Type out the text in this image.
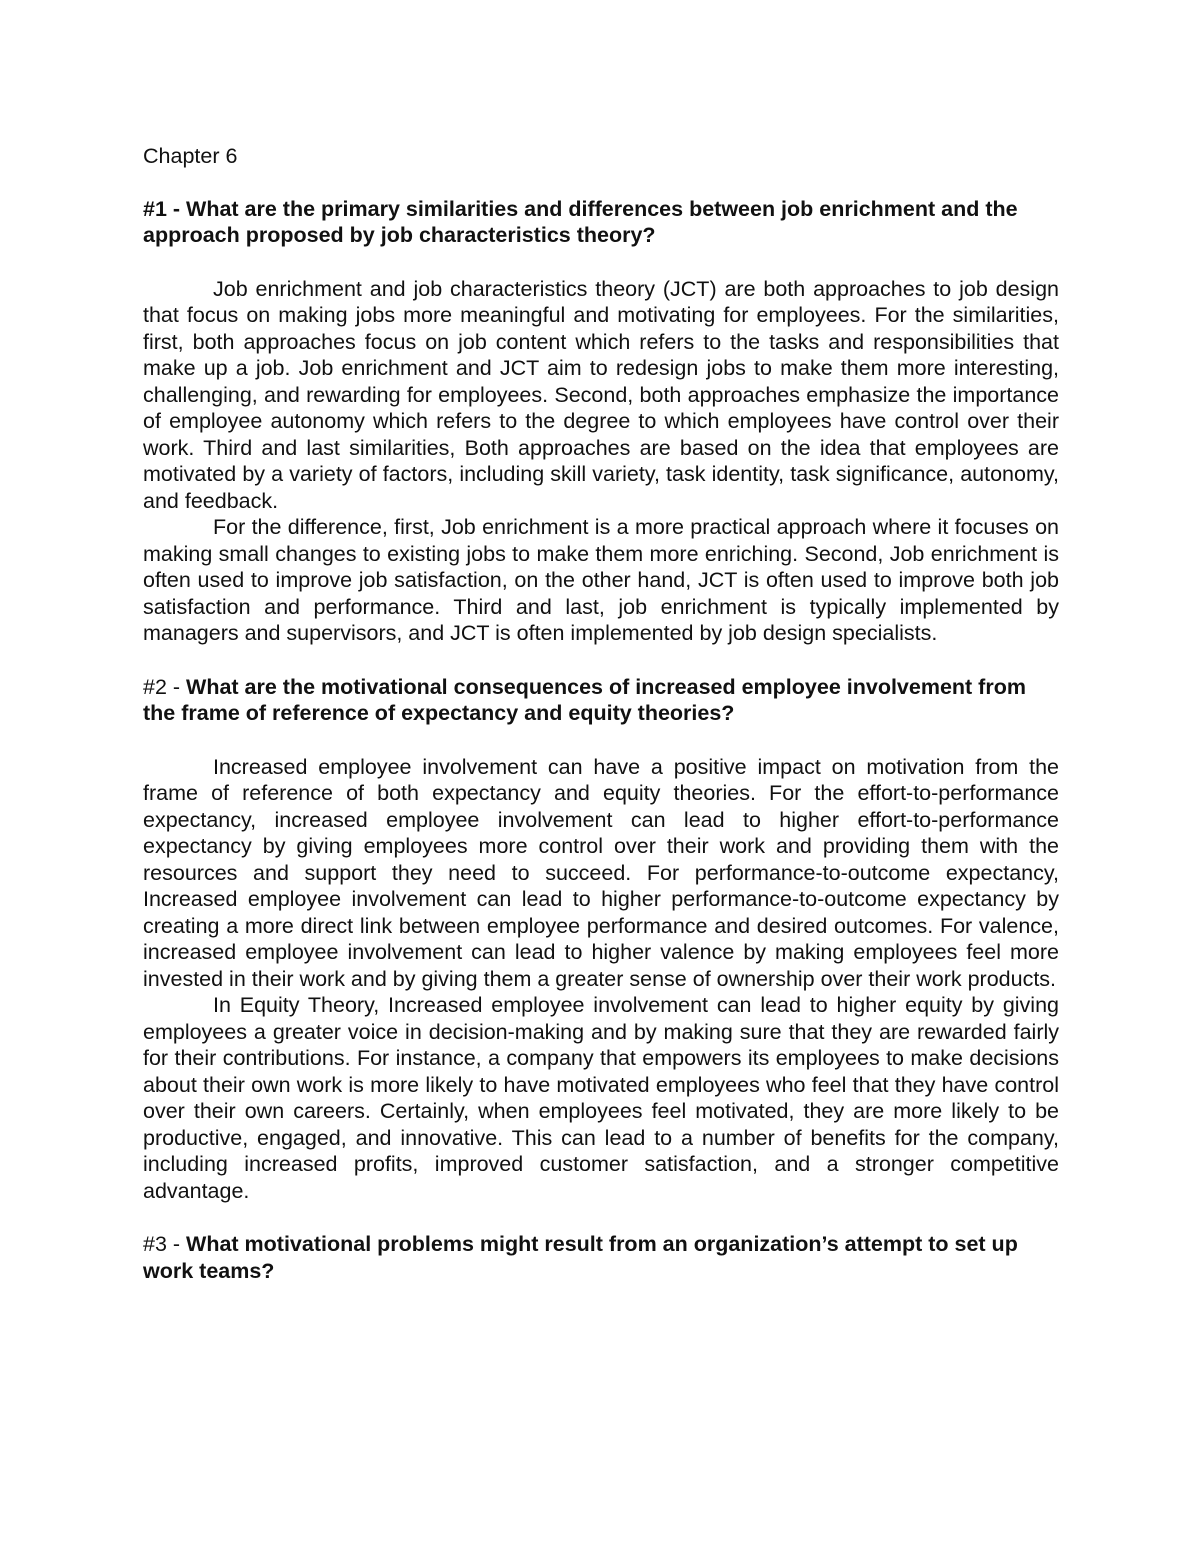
Chapter 6
#1 - What are the primary similarities and differences between job enrichment and the approach proposed by job characteristics theory?

Job enrichment and job characteristics theory (JCT) are both approaches to job design that focus on making jobs more meaningful and motivating for employees. For the similarities, first, both approaches focus on job content which refers to the tasks and responsibilities that make up a job. Job enrichment and JCT aim to redesign jobs to make them more interesting, challenging, and rewarding for employees. Second, both approaches emphasize the importance of employee autonomy which refers to the degree to which employees have control over their work. Third and last similarities, Both approaches are based on the idea that employees are motivated by a variety of factors, including skill variety, task identity, task significance, autonomy, and feedback.

For the difference, first, Job enrichment is a more practical approach where it focuses on making small changes to existing jobs to make them more enriching. Second, Job enrichment is often used to improve job satisfaction, on the other hand, JCT is often used to improve both job satisfaction and performance. Third and last, job enrichment is typically implemented by managers and supervisors, and JCT is often implemented by job design specialists.

#2 - What are the motivational consequences of increased employee involvement from the frame of reference of expectancy and equity theories?

Increased employee involvement can have a positive impact on motivation from the frame of reference of both expectancy and equity theories. For the effort-to-performance expectancy, increased employee involvement can lead to higher effort-to-performance expectancy by giving employees more control over their work and providing them with the resources and support they need to succeed. For performance-to-outcome expectancy, Increased employee involvement can lead to higher performance-to-outcome expectancy by creating a more direct link between employee performance and desired outcomes. For valence, increased employee involvement can lead to higher valence by making employees feel more invested in their work and by giving them a greater sense of ownership over their work products.

In Equity Theory, Increased employee involvement can lead to higher equity by giving employees a greater voice in decision-making and by making sure that they are rewarded fairly for their contributions. For instance, a company that empowers its employees to make decisions about their own work is more likely to have motivated employees who feel that they have control over their own careers. Certainly, when employees feel motivated, they are more likely to be productive, engaged, and innovative. This can lead to a number of benefits for the company, including increased profits, improved customer satisfaction, and a stronger competitive advantage.

#3 - What motivational problems might result from an organization’s attempt to set up work teams?
